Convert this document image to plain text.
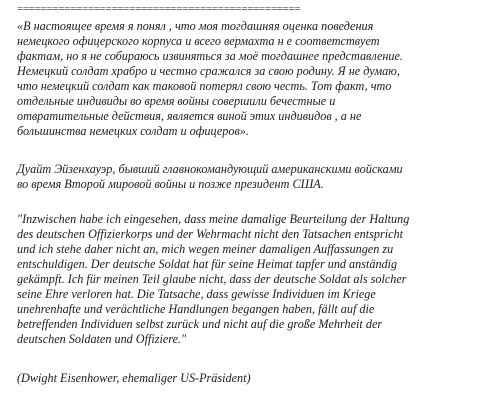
================================================
«В настоящее время я понял , что моя тогдашняя оценка поведения
немецкого офицерского корпуса и всего вермахта н е соответствует
фактам, но я не собираюсь извиняться за моё тогдашнее представление.
Немецкий солдат храбро и честно сражался за свою родину. Я не думаю,
что немецкий солдат как таковой потерял свою честь. Тот факт, что
отдельные индивиды во время войны совершили бечестные и
отвратительные действия, является виной этих индивидов , а не
большинства немецких солдат и офицеров».
Дуайт Эйзенхауэр, бывший главнокомандующий американскими войсками
во время Второй мировой войны и позже президент США.
"Inzwischen habe ich eingesehen, dass meine damalige Beurteilung der Haltung
des deutschen Offizierkorps und der Wehrmacht nicht den Tatsachen entspricht
und ich stehe daher nicht an, mich wegen meiner damaligen Auffassungen zu
entschuldigen. Der deutsche Soldat hat für seine Heimat tapfer und anständig
gekämpft. Ich für meinen Teil glaube nicht, dass der deutsche Soldat als solcher
seine Ehre verloren hat. Die Tatsache, dass gewisse Individuen im Kriege
unehrenhafte und verächtliche Handlungen begangen haben, fällt auf die
betreffenden Individuen selbst zurück und nicht auf die große Mehrheit der
deutschen Soldaten und Offiziere."
(Dwight Eisenhower, ehemaliger US-Präsident)
